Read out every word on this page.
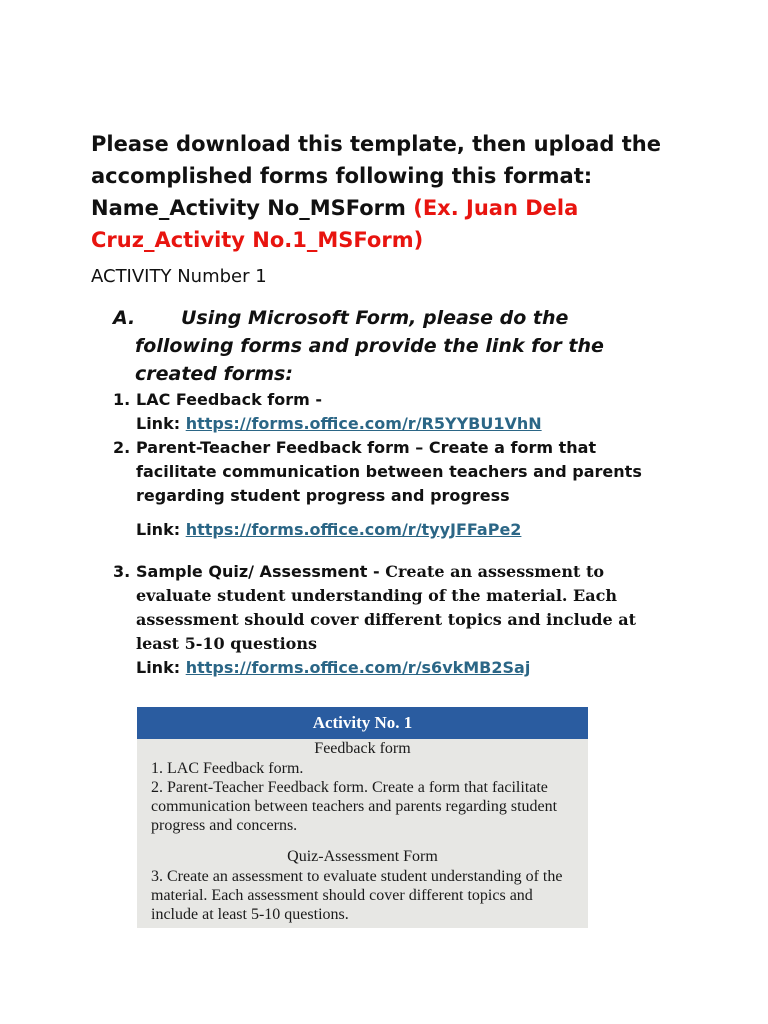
Please download this template, then upload the accomplished forms following this format: Name_Activity No_MSForm (Ex. Juan Dela Cruz_Activity No.1_MSForm)
ACTIVITY Number 1
A. Using Microsoft Form, please do the
following forms and provide the link for the created forms:
1. LAC Feedback form -
Link: https://forms.office.com/r/R5YYBU1VhN
2. Parent-Teacher Feedback form – Create a form that facilitate communication between teachers and parents regarding student progress and progress
Link: https://forms.office.com/r/tyyJFFaPe2
3. Sample Quiz/ Assessment - Create an assessment to evaluate student understanding of the material. Each assessment should cover different topics and include at least 5-10 questions
Link: https://forms.office.com/r/s6vkMB2Saj
Activity No. 1
Feedback form
1. LAC Feedback form.
2. Parent-Teacher Feedback form. Create a form that facilitate communication between teachers and parents regarding student progress and concerns.
Quiz-Assessment Form
3. Create an assessment to evaluate student understanding of the material. Each assessment should cover different topics and include at least 5-10 questions.
